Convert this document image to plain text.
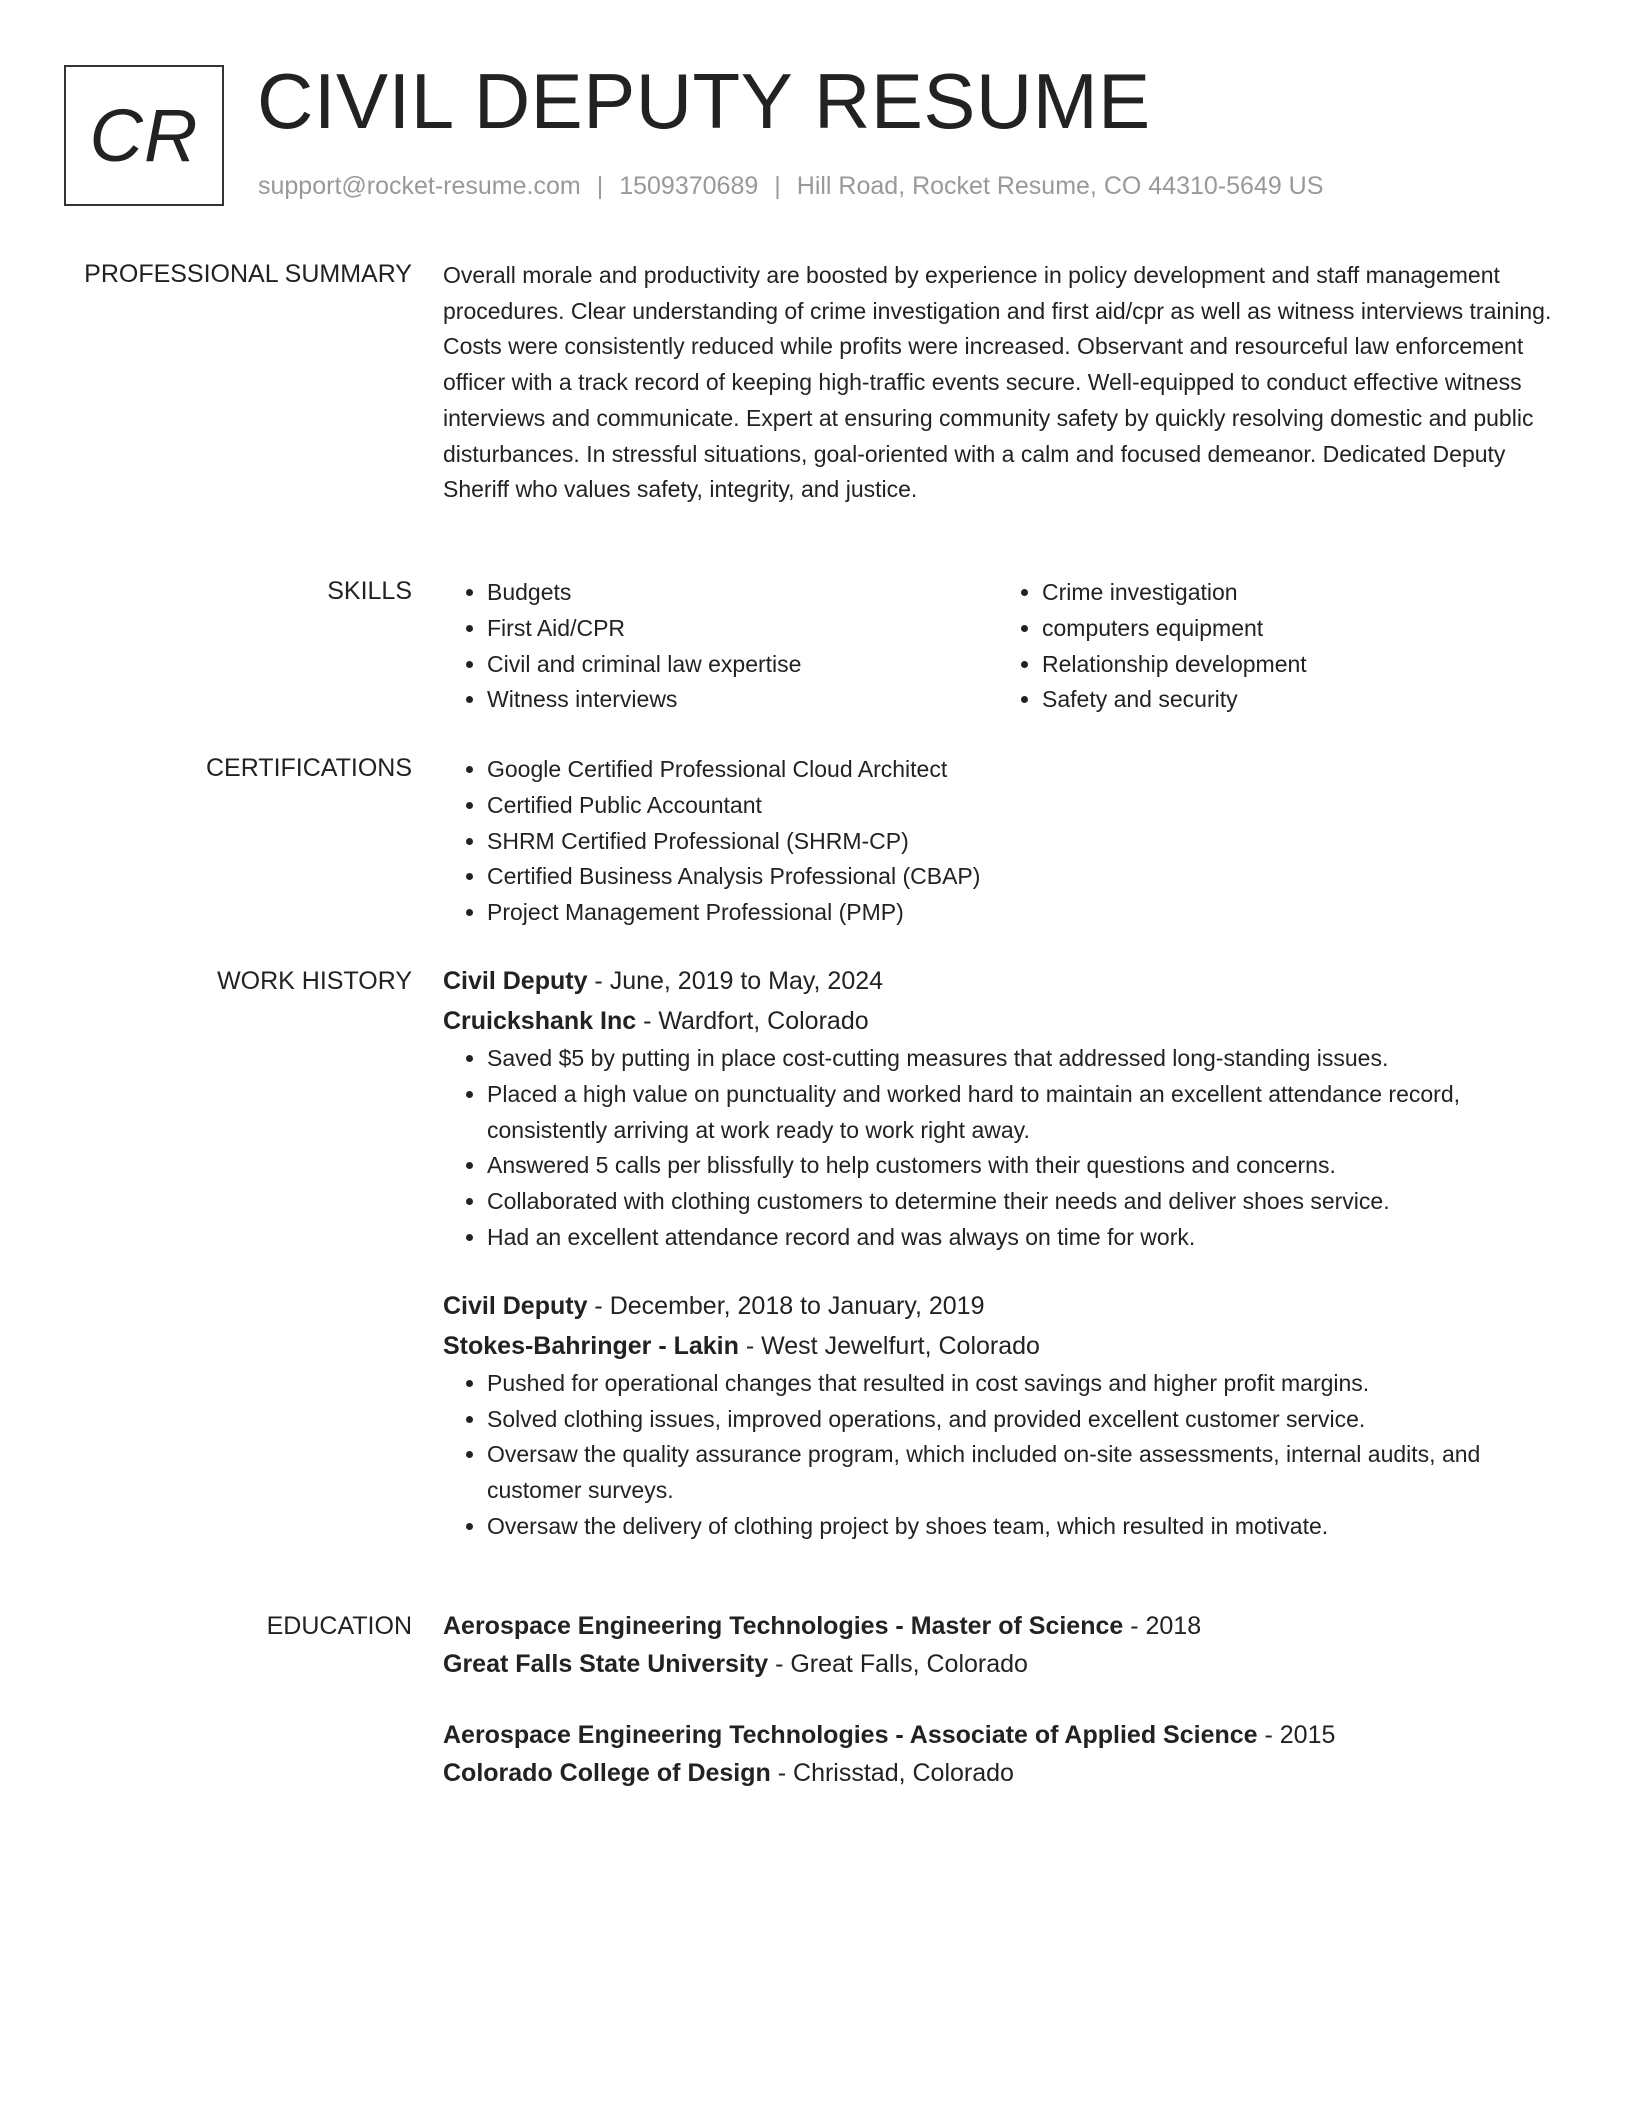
CR CIVIL DEPUTY RESUME
support@rocket-resume.com | 1509370689 | Hill Road, Rocket Resume, CO 44310-5649 US
PROFESSIONAL SUMMARY Overall morale and productivity are boosted by experience in policy development and staff management procedures. Clear understanding of crime investigation and first aid/cpr as well as witness interviews training. Costs were consistently reduced while profits were increased. Observant and resourceful law enforcement officer with a track record of keeping high-traffic events secure. Well-equipped to conduct effective witness interviews and communicate. Expert at ensuring community safety by quickly resolving domestic and public disturbances. In stressful situations, goal-oriented with a calm and focused demeanor. Dedicated Deputy Sheriff who values safety, integrity, and justice.

SKILLS	• Budgets
• First Aid/CPR
• Civil and criminal law expertise
• Witness interviews
• Crime investigation
• computers equipment
• Relationship development
• Safety and security
CERTIFICATIONS	• Google Certified Professional Cloud Architect
• Certified Public Accountant
• SHRM Certified Professional (SHRM-CP)
• Certified Business Analysis Professional (CBAP)
• Project Management Professional (PMP)
WORK HISTORY Civil Deputy - June, 2019 to May, 2024
Cruickshank Inc - Wardfort, Colorado
• Saved $5 by putting in place cost-cutting measures that addressed long-standing issues.
• Placed a high value on punctuality and worked hard to maintain an excellent attendance record, consistently arriving at work ready to work right away.
• Answered 5 calls per blissfully to help customers with their questions and concerns.
• Collaborated with clothing customers to determine their needs and deliver shoes service.
• Had an excellent attendance record and was always on time for work.
Civil Deputy - December, 2018 to January, 2019
Stokes-Bahringer - Lakin - West Jewelfurt, Colorado
• Pushed for operational changes that resulted in cost savings and higher profit margins.
• Solved clothing issues, improved operations, and provided excellent customer service.
• Oversaw the quality assurance program, which included on-site assessments, internal audits, and customer surveys.
• Oversaw the delivery of clothing project by shoes team, which resulted in motivate.
EDUCATION Aerospace Engineering Technologies - Master of Science - 2018
Great Falls State University - Great Falls, Colorado
Aerospace Engineering Technologies - Associate of Applied Science - 2015
Colorado College of Design - Chrisstad, Colorado
